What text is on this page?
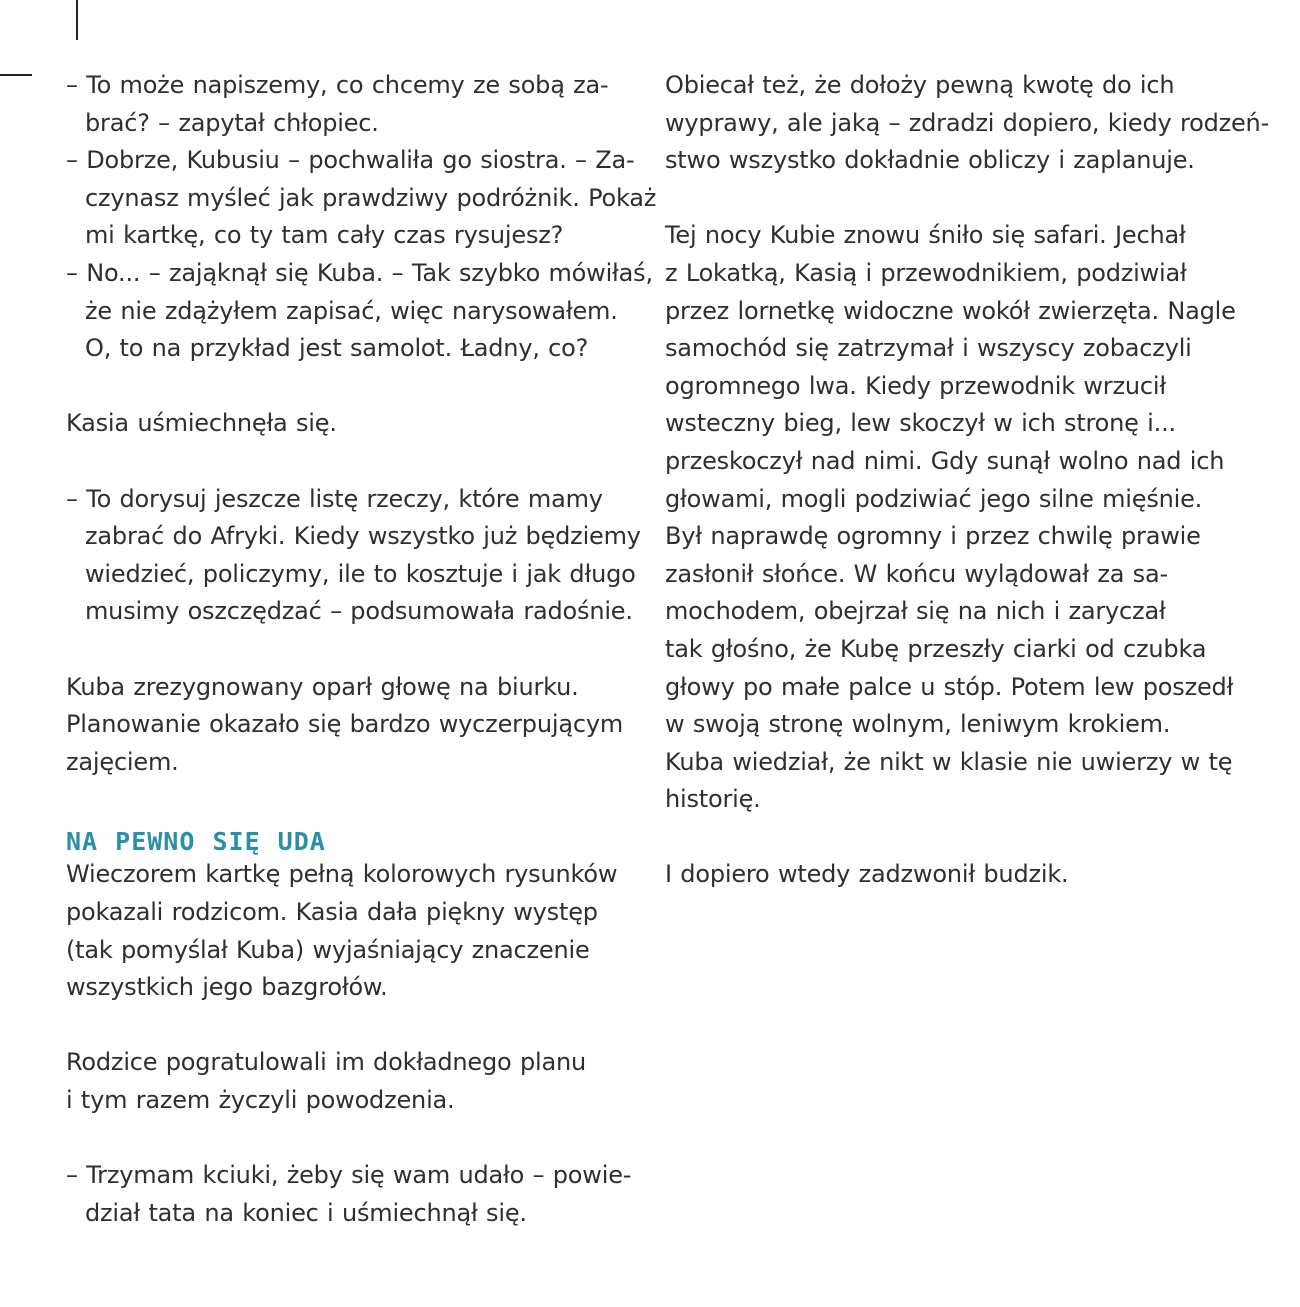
– To może napiszemy, co chcemy ze sobą za-
brać? – zapytał chłopiec.
– Dobrze, Kubusiu – pochwaliła go siostra. – Za-
czynasz myśleć jak prawdziwy podróżnik. Pokaż
mi kartkę, co ty tam cały czas rysujesz?
– No... – zająknął się Kuba. – Tak szybko mówiłaś,
że nie zdążyłem zapisać, więc narysowałem.
O, to na przykład jest samolot. Ładny, co?
Kasia uśmiechnęła się.
– To dorysuj jeszcze listę rzeczy, które mamy
zabrać do Afryki. Kiedy wszystko już będziemy
wiedzieć, policzymy, ile to kosztuje i jak długo
musimy oszczędzać – podsumowała radośnie.
Kuba zrezygnowany oparł głowę na biurku.
Planowanie okazało się bardzo wyczerpującym
zajęciem.
NA PEWNO SIĘ UDA
Wieczorem kartkę pełną kolorowych rysunków
pokazali rodzicom. Kasia dała piękny występ
(tak pomyślał Kuba) wyjaśniający znaczenie
wszystkich jego bazgrołów.
Rodzice pogratulowali im dokładnego planu
i tym razem życzyli powodzenia.
– Trzymam kciuki, żeby się wam udało – powie-
dział tata na koniec i uśmiechnął się.
Obiecał też, że dołoży pewną kwotę do ich
wyprawy, ale jaką – zdradzi dopiero, kiedy rodzeń-
stwo wszystko dokładnie obliczy i zaplanuje.
Tej nocy Kubie znowu śniło się safari. Jechał
z Lokatką, Kasią i przewodnikiem, podziwiał
przez lornetkę widoczne wokół zwierzęta. Nagle
samochód się zatrzymał i wszyscy zobaczyli
ogromnego lwa. Kiedy przewodnik wrzucił
wsteczny bieg, lew skoczył w ich stronę i...
przeskoczył nad nimi. Gdy sunął wolno nad ich
głowami, mogli podziwiać jego silne mięśnie.
Był naprawdę ogromny i przez chwilę prawie
zasłonił słońce. W końcu wylądował za sa-
mochodem, obejrzał się na nich i zaryczał
tak głośno, że Kubę przeszły ciarki od czubka
głowy po małe palce u stóp. Potem lew poszedł
w swoją stronę wolnym, leniwym krokiem.
Kuba wiedział, że nikt w klasie nie uwierzy w tę
historię.
I dopiero wtedy zadzwonił budzik.
